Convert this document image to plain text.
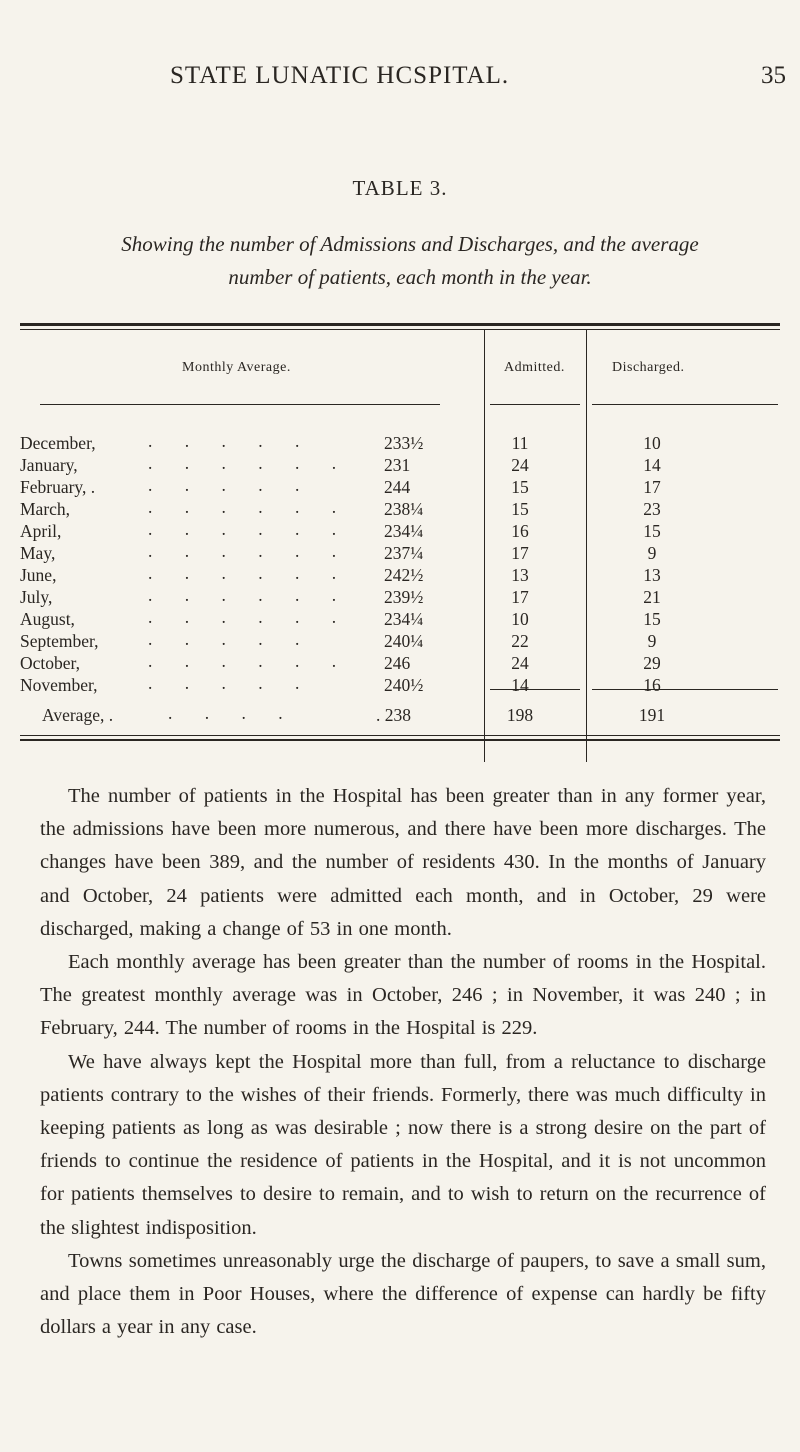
STATE LUNATIC HCSPITAL.	35
TABLE 3.
Showing the number of Admissions and Discharges, and the average
number of patients, each month in the year.
Monthly Average.	Admitted.	Discharged.
December,	. . . . .	233½	11	10
January,	. . . . . . 231	24	14
February, .	. . . . .	244	15	17
March,	. . . . . . 238¼	15	23
April,	. . . . . . 234¼	16	15
May,	. . . . . . 237¼	17	9
June,	. . . . . . 242½	13	13
July,	. . . . . . 239½	17	21
August,	. . . . . . 234¼	10	15
September,	. . . . .	240¼	22	9
October,	. . . . . . 246	24	29
November,	. . . . .	240½	14	16
Average, .	. . . .	. 238	198	191

The number of patients in the Hospital has been greater than in any former year, the admissions have been more numerous, and there have been more discharges. The changes have been 389, and the number of residents 430. In the months of January and October, 24 patients were admitted each month, and in October, 29 were discharged, making a change of 53 in one month.

Each monthly average has been greater than the number of rooms in the Hospital. The greatest monthly average was in October, 246 ; in November, it was 240 ; in February, 244. The number of rooms in the Hospital is 229.

We have always kept the Hospital more than full, from a reluctance to discharge patients contrary to the wishes of their friends. Formerly, there was much difficulty in keeping patients as long as was desirable ; now there is a strong desire on the part of friends to continue the residence of patients in the Hospital, and it is not uncommon for patients themselves to desire to remain, and to wish to return on the recurrence of the slightest indisposition.

Towns sometimes unreasonably urge the discharge of paupers, to save a small sum, and place them in Poor Houses, where the difference of expense can hardly be fifty dollars a year in any case.
